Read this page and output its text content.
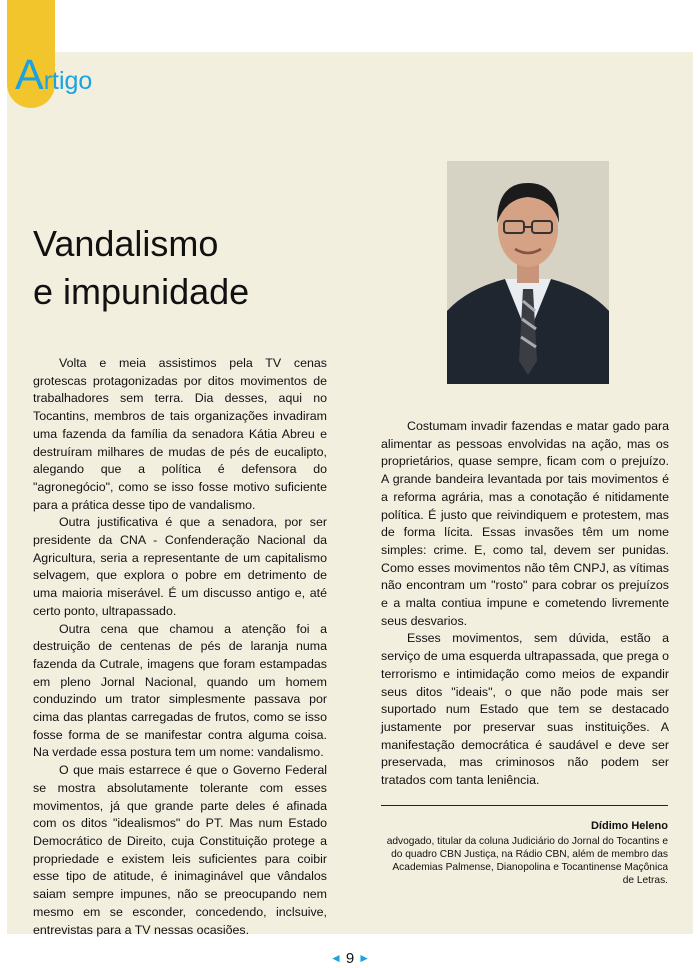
Artigo
Vandalismo
e impunidade

Volta e meia assistimos pela TV cenas grotescas protagonizadas por ditos movimentos de trabalhadores sem terra. Dia desses, aqui no Tocantins, membros de tais organizações invadiram uma fazenda da família da senadora Kátia Abreu e destruíram milhares de mudas de pés de eucalipto, alegando que a política é defensora do "agronegócio", como se isso fosse motivo suficiente para a prática desse tipo de vandalismo.

Outra justificativa é que a senadora, por ser presidente da CNA - Confenderação Nacional da Agricultura, seria a representante de um capitalismo selvagem, que explora o pobre em detrimento de uma maioria miserável. É um discusso antigo e, até certo ponto, ultrapassado.

Outra cena que chamou a atenção foi a destruição de centenas de pés de laranja numa fazenda da Cutrale, imagens que foram estampadas em pleno Jornal Nacional, quando um homem conduzindo um trator simplesmente passava por cima das plantas carregadas de frutos, como se isso fosse forma de se manifestar contra alguma coisa. Na verdade essa postura tem um nome: vandalismo.

O que mais estarrece é que o Governo Federal se mostra absolutamente tolerante com esses movimentos, já que grande parte deles é afinada com os ditos "idealismos" do PT. Mas num Estado Democrático de Direito, cuja Constituição protege a propriedade e existem leis suficientes para coibir esse tipo de atitude, é inimaginável que vândalos saiam sempre impunes, não se preocupando nem mesmo em se esconder, concedendo, inclsuive, entrevistas para a TV nessas ocasiões.

Costumam invadir fazendas e matar gado para alimentar as pessoas envolvidas na ação, mas os proprietários, quase sempre, ficam com o prejuízo. A grande bandeira levantada por tais movimentos é a reforma agrária, mas a conotação é nitidamente política. É justo que reivindiquem e protestem, mas de forma lícita. Essas invasões têm um nome simples: crime. E, como tal, devem ser punidas. Como esses movimentos não têm CNPJ, as vítimas não encontram um "rosto" para cobrar os prejuízos e a malta contiua impune e cometendo livremente seus desvarios.

Esses movimentos, sem dúvida, estão a serviço de uma esquerda ultrapassada, que prega o terrorismo e intimidação como meios de expandir seus ditos "ideais", o que não pode mais ser suportado num Estado que tem se destacado justamente por preservar suas instituições. A manifestação democrática é saudável e deve ser preservada, mas criminosos não podem ser tratados com tanta leniência.

Dídimo Heleno
advogado, titular da coluna Judiciário do Jornal do Tocantins e do quadro CBN Justiça, na Rádio CBN, além de membro das Academias Palmense, Dianopolina e Tocantinense Maçônica de Letras.
◄ 9 ►
